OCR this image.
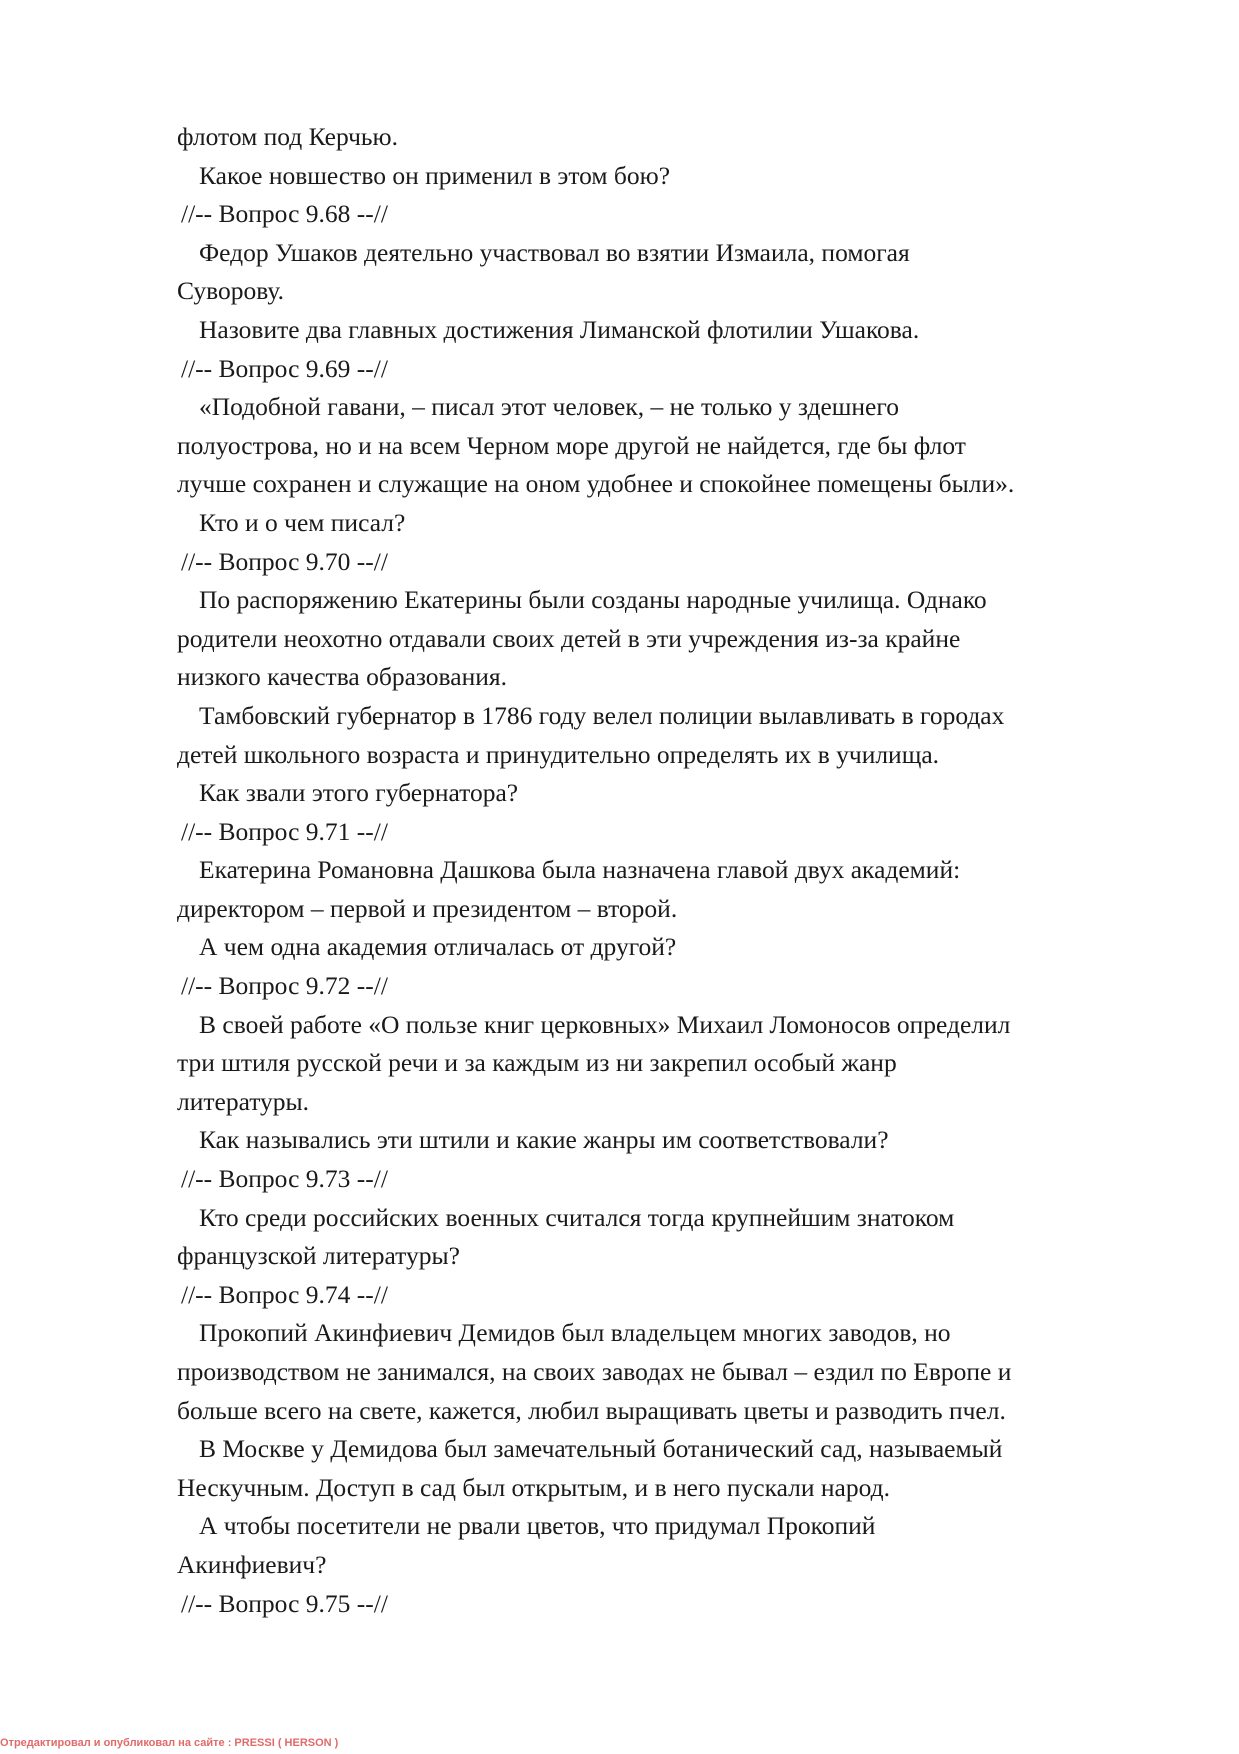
флотом под Керчью.

Какое новшество он применил в этом бою?

//-- Вопрос 9.68 --//

Федор Ушаков деятельно участвовал во взятии Измаила, помогая

Суворову.

Назовите два главных достижения Лиманской флотилии Ушакова.

//-- Вопрос 9.69 --//

«Подобной гавани, – писал этот человек, – не только у здешнего

полуострова, но и на всем Черном море другой не найдется, где бы флот

лучше сохранен и служащие на оном удобнее и спокойнее помещены были».

Кто и о чем писал?

//-- Вопрос 9.70 --//

По распоряжению Екатерины были созданы народные училища. Однако

родители неохотно отдавали своих детей в эти учреждения из-за крайне

низкого качества образования.

Тамбовский губернатор в 1786 году велел полиции вылавливать в городах

детей школьного возраста и принудительно определять их в училища.

Как звали этого губернатора?

//-- Вопрос 9.71 --//

Екатерина Романовна Дашкова была назначена главой двух академий:

директором – первой и президентом – второй.

А чем одна академия отличалась от другой?

//-- Вопрос 9.72 --//

В своей работе «О пользе книг церковных» Михаил Ломоносов определил

три штиля русской речи и за каждым из ни закрепил особый жанр

литературы.

Как назывались эти штили и какие жанры им соответствовали?

//-- Вопрос 9.73 --//

Кто среди российских военных считался тогда крупнейшим знатоком

французской литературы?

//-- Вопрос 9.74 --//

Прокопий Акинфиевич Демидов был владельцем многих заводов, но

производством не занимался, на своих заводах не бывал – ездил по Европе и

больше всего на свете, кажется, любил выращивать цветы и разводить пчел.

В Москве у Демидова был замечательный ботанический сад, называемый

Нескучным. Доступ в сад был открытым, и в него пускали народ.

А чтобы посетители не рвали цветов, что придумал Прокопий

Акинфиевич?

//-- Вопрос 9.75 --//

Отредактировал и опубликовал на сайте : PRESSI ( HERSON )
